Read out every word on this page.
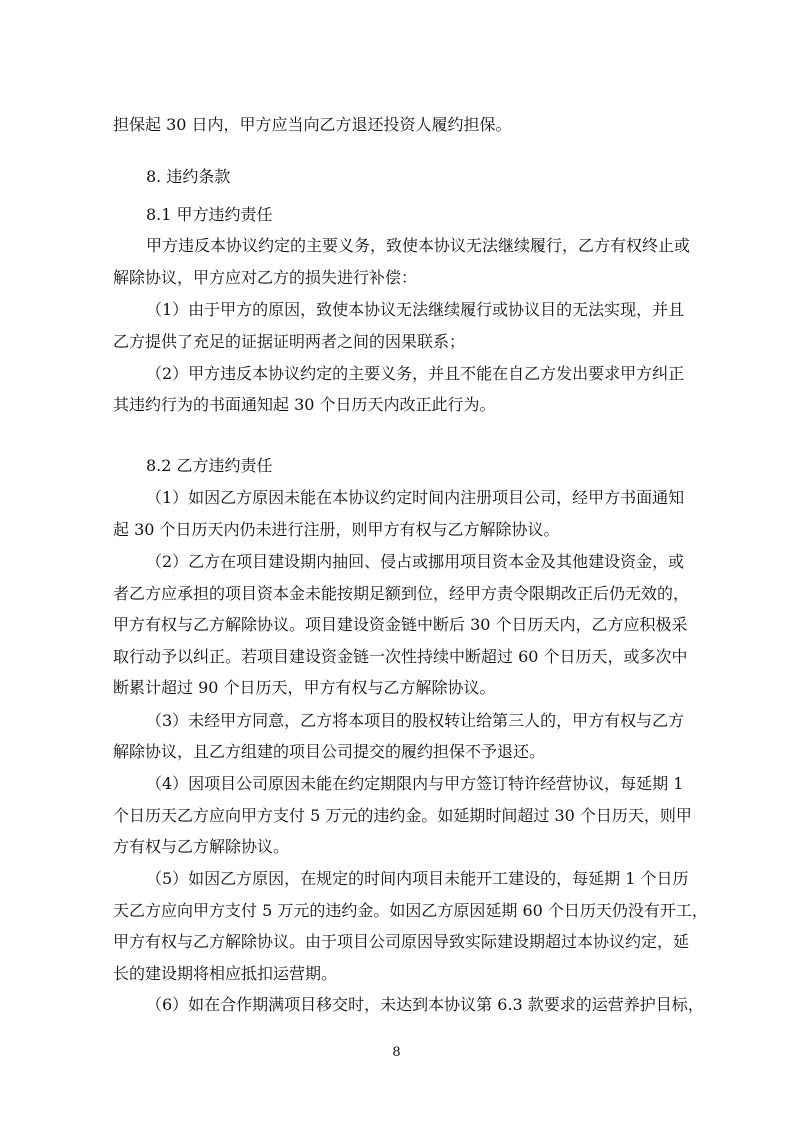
担保起 30 日内，甲方应当向乙方退还投资人履约担保。
8. 违约条款
8.1 甲方违约责任
甲方违反本协议约定的主要义务，致使本协议无法继续履行，乙方有权终止或
解除协议，甲方应对乙方的损失进行补偿：
（1）由于甲方的原因，致使本协议无法继续履行或协议目的无法实现，并且
乙方提供了充足的证据证明两者之间的因果联系；
（2）甲方违反本协议约定的主要义务，并且不能在自乙方发出要求甲方纠正
其违约行为的书面通知起 30 个日历天内改正此行为。
8.2 乙方违约责任
（1）如因乙方原因未能在本协议约定时间内注册项目公司，经甲方书面通知
起 30 个日历天内仍未进行注册，则甲方有权与乙方解除协议。
（2）乙方在项目建设期内抽回、侵占或挪用项目资本金及其他建设资金，或
者乙方应承担的项目资本金未能按期足额到位，经甲方责令限期改正后仍无效的，
甲方有权与乙方解除协议。项目建设资金链中断后 30 个日历天内，乙方应积极采
取行动予以纠正。若项目建设资金链一次性持续中断超过 60 个日历天，或多次中
断累计超过 90 个日历天，甲方有权与乙方解除协议。
（3）未经甲方同意，乙方将本项目的股权转让给第三人的，甲方有权与乙方
解除协议，且乙方组建的项目公司提交的履约担保不予退还。
（4）因项目公司原因未能在约定期限内与甲方签订特许经营协议，每延期 1
个日历天乙方应向甲方支付 5 万元的违约金。如延期时间超过 30 个日历天，则甲
方有权与乙方解除协议。
（5）如因乙方原因，在规定的时间内项目未能开工建设的，每延期 1 个日历
天乙方应向甲方支付 5 万元的违约金。如因乙方原因延期 60 个日历天仍没有开工，
甲方有权与乙方解除协议。由于项目公司原因导致实际建设期超过本协议约定，延
长的建设期将相应抵扣运营期。
（6）如在合作期满项目移交时，未达到本协议第 6.3 款要求的运营养护目标，
8
